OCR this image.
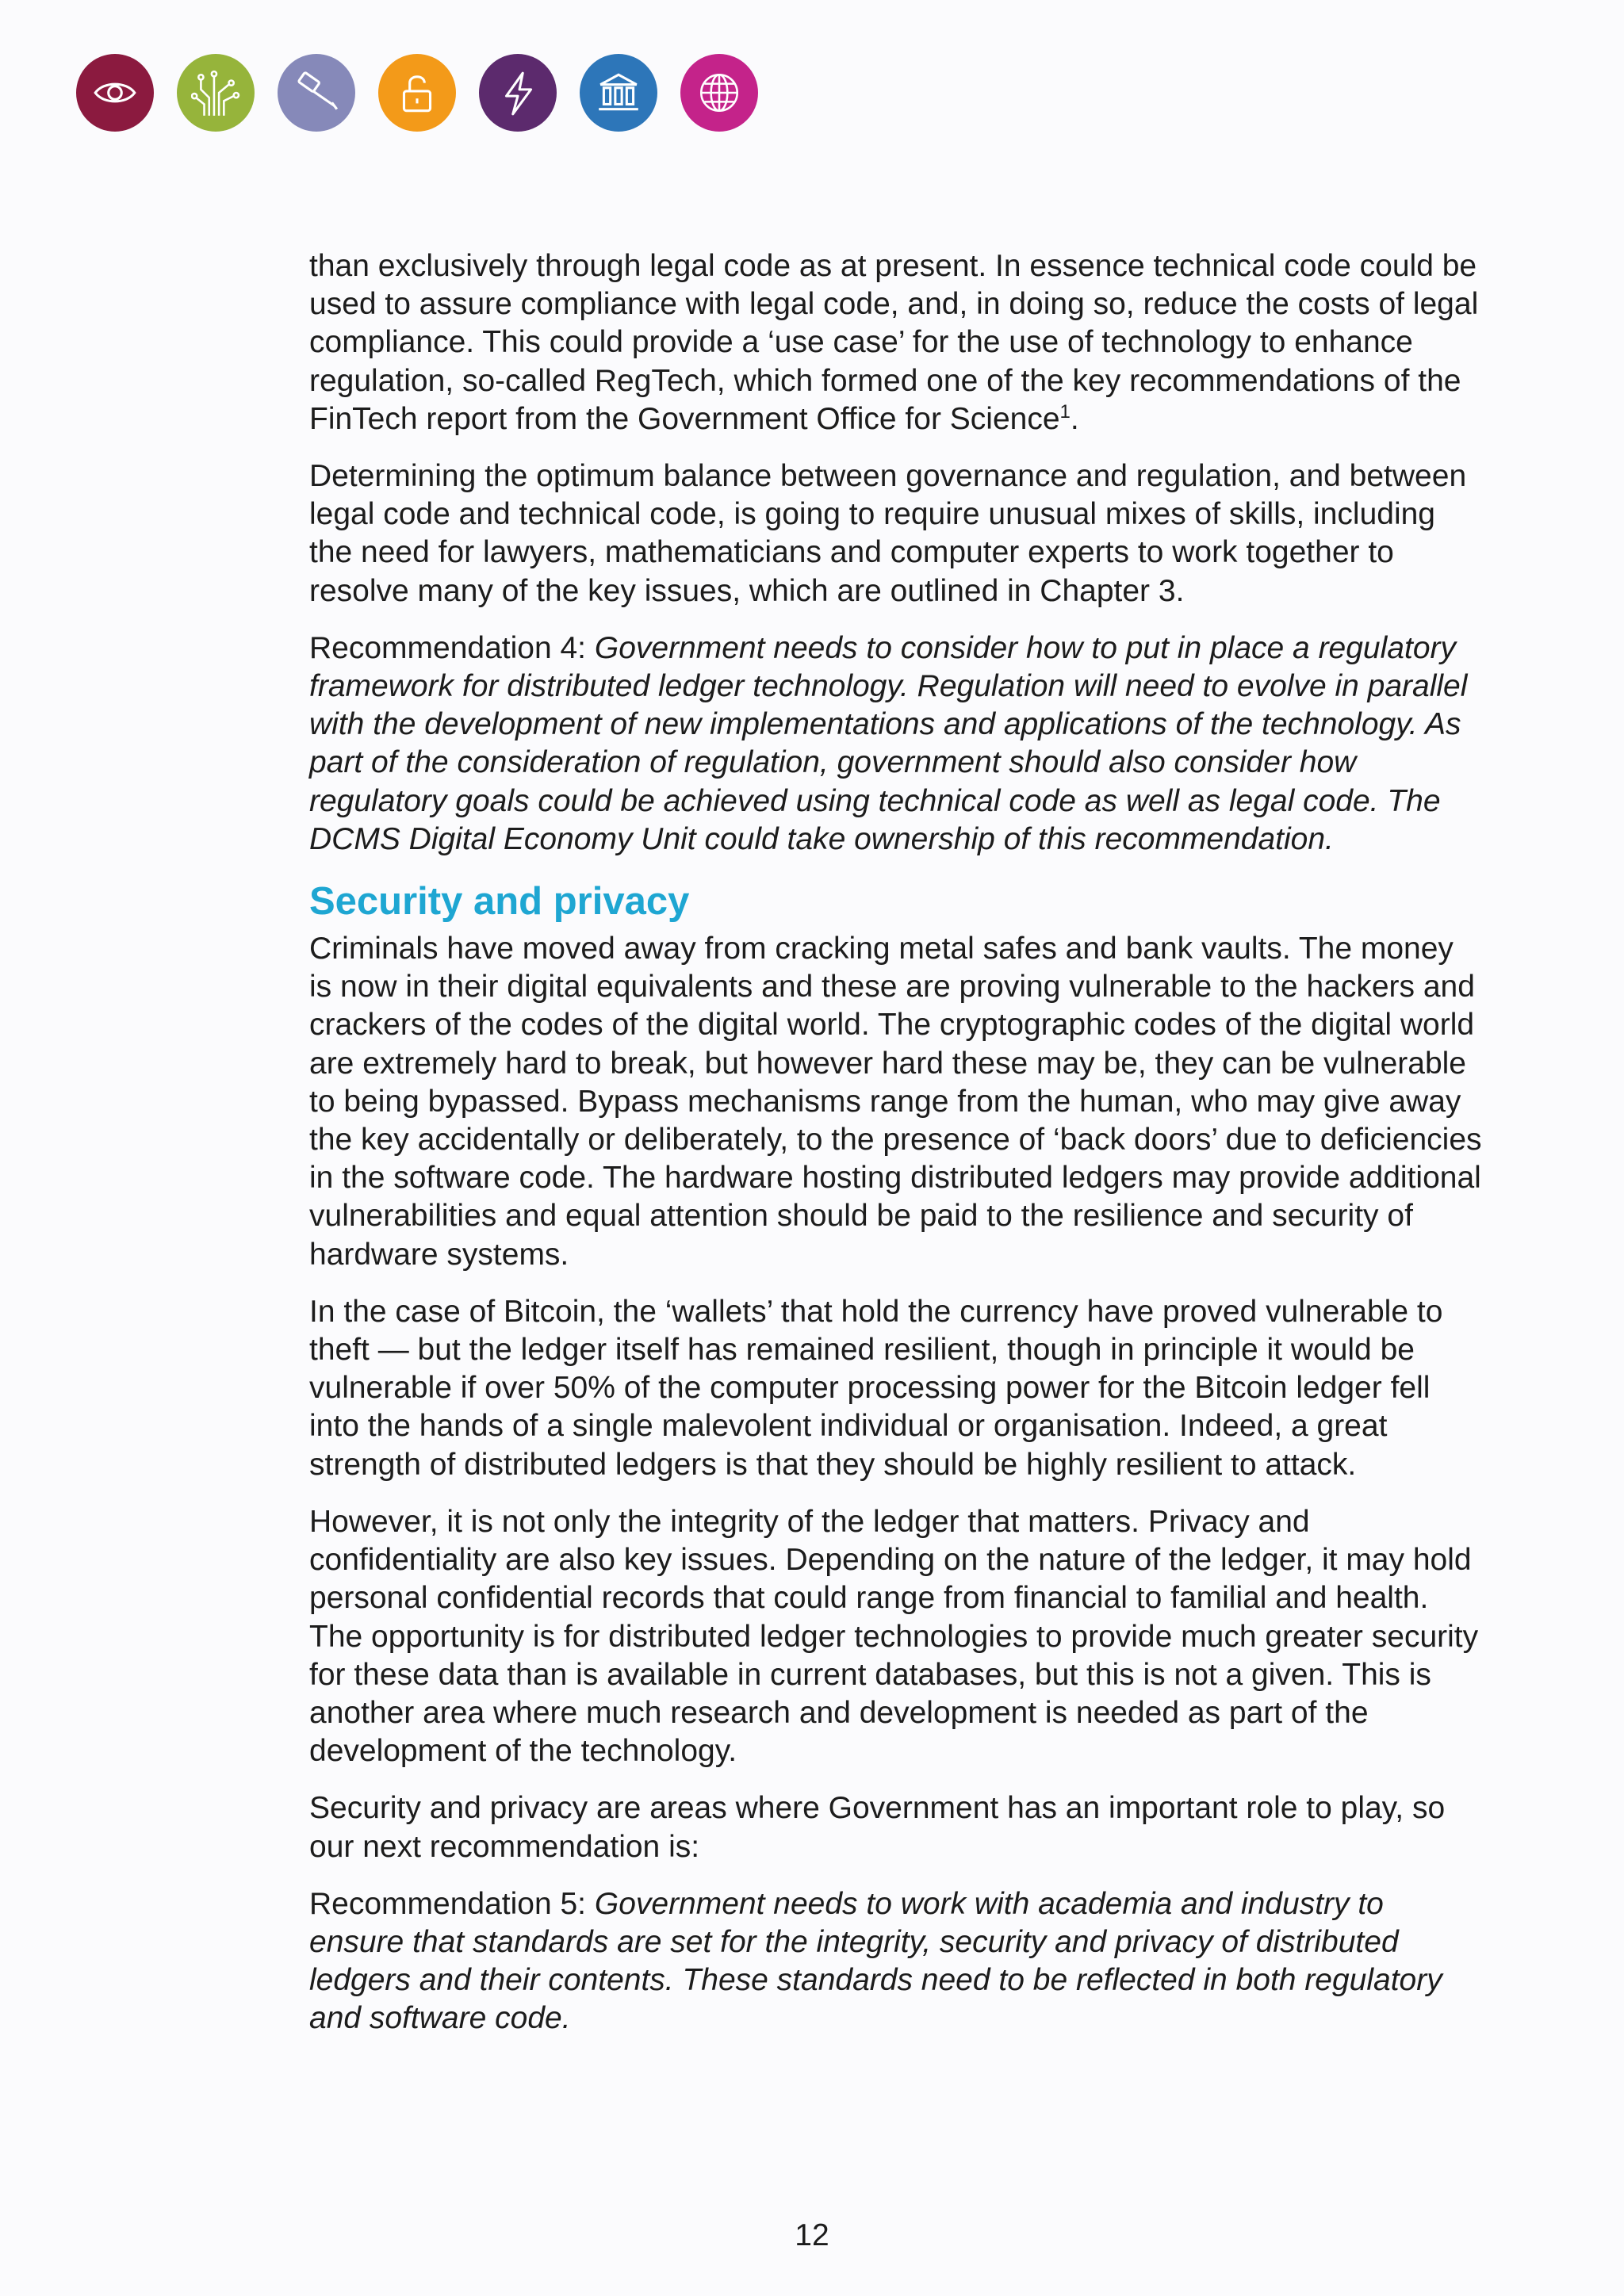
than exclusively through legal code as at present. In essence technical code could be used to assure compliance with legal code, and, in doing so, reduce the costs of legal compliance. This could provide a ‘use case’ for the use of technology to enhance regulation, so-called RegTech, which formed one of the key recommendations of the FinTech report from the Government Office for Science$^1$.

Determining the optimum balance between governance and regulation, and between legal code and technical code, is going to require unusual mixes of skills, including the need for lawyers, mathematicians and computer experts to work together to resolve many of the key issues, which are outlined in Chapter 3.

Recommendation 4: Government needs to consider how to put in place a regulatory framework for distributed ledger technology. Regulation will need to evolve in parallel with the development of new implementations and applications of the technology. As part of the consideration of regulation, government should also consider how regulatory goals could be achieved using technical code as well as legal code. The DCMS Digital Economy Unit could take ownership of this recommendation.

Security and privacy

Criminals have moved away from cracking metal safes and bank vaults. The money is now in their digital equivalents and these are proving vulnerable to the hackers and crackers of the codes of the digital world. The cryptographic codes of the digital world are extremely hard to break, but however hard these may be, they can be vulnerable to being bypassed. Bypass mechanisms range from the human, who may give away the key accidentally or deliberately, to the presence of ‘back doors’ due to deficiencies in the software code. The hardware hosting distributed ledgers may provide additional vulnerabilities and equal attention should be paid to the resilience and security of hardware systems.

In the case of Bitcoin, the ‘wallets’ that hold the currency have proved vulnerable to theft — but the ledger itself has remained resilient, though in principle it would be vulnerable if over 50% of the computer processing power for the Bitcoin ledger fell into the hands of a single malevolent individual or organisation. Indeed, a great strength of distributed ledgers is that they should be highly resilient to attack.

However, it is not only the integrity of the ledger that matters. Privacy and confidentiality are also key issues. Depending on the nature of the ledger, it may hold personal confidential records that could range from financial to familial and health. The opportunity is for distributed ledger technologies to provide much greater security for these data than is available in current databases, but this is not a given. This is another area where much research and development is needed as part of the development of the technology.

Security and privacy are areas where Government has an important role to play, so our next recommendation is:

Recommendation 5: Government needs to work with academia and industry to ensure that standards are set for the integrity, security and privacy of distributed ledgers and their contents. These standards need to be reflected in both regulatory and software code.

12
